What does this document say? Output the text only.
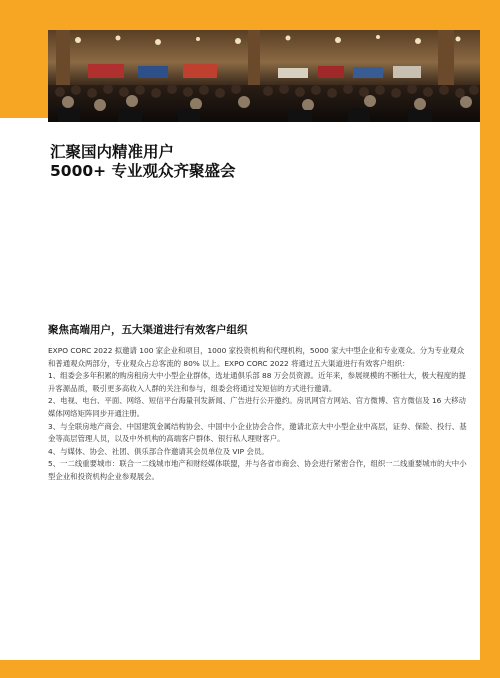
汇聚国内精准用户
5000+ 专业观众齐聚盛会
聚焦高端用户，五大渠道进行有效客户组织

EXPO CORC 2022 拟邀请 100 家企业和项目，1000 家投资机构和代理机构，5000 家大中型企业和专业观众。分为专业观众和普通观众两部分，专业观众占总客流的 80% 以上。EXPO CORC 2022 将通过五大渠道进行有效客户组织：

1、组委会多年积累的购房租房大中小型企业群体，选址通俱乐部 88 万会员资源。近年来，参展规模的不断壮大，极大程度的提升客源品质，吸引更多高收入人群的关注和参与，组委会将通过发短信的方式进行邀请。

2、电视、电台、平面、网络、短信平台海量刊发新闻、广告进行公开邀约。房讯网官方网站、官方微博、官方微信及 16 大移动媒体网络矩阵同步开通注册。

3、与全联房地产商会、中国建筑金属结构协会、中国中小企业协会合作，邀请北京大中小型企业中高层，证券、保险、投行、基金等高层管理人员，以及中外机构的高端客户群体、银行私人理财客户。

4、与媒体、协会、社团、俱乐部合作邀请其会员单位及 VIP 会员。

5、一二线重要城市：联合一二线城市地产和财经媒体联盟，并与各省市商会、协会进行紧密合作，组织一二线重要城市的大中小型企业和投资机构企业参观展会。
